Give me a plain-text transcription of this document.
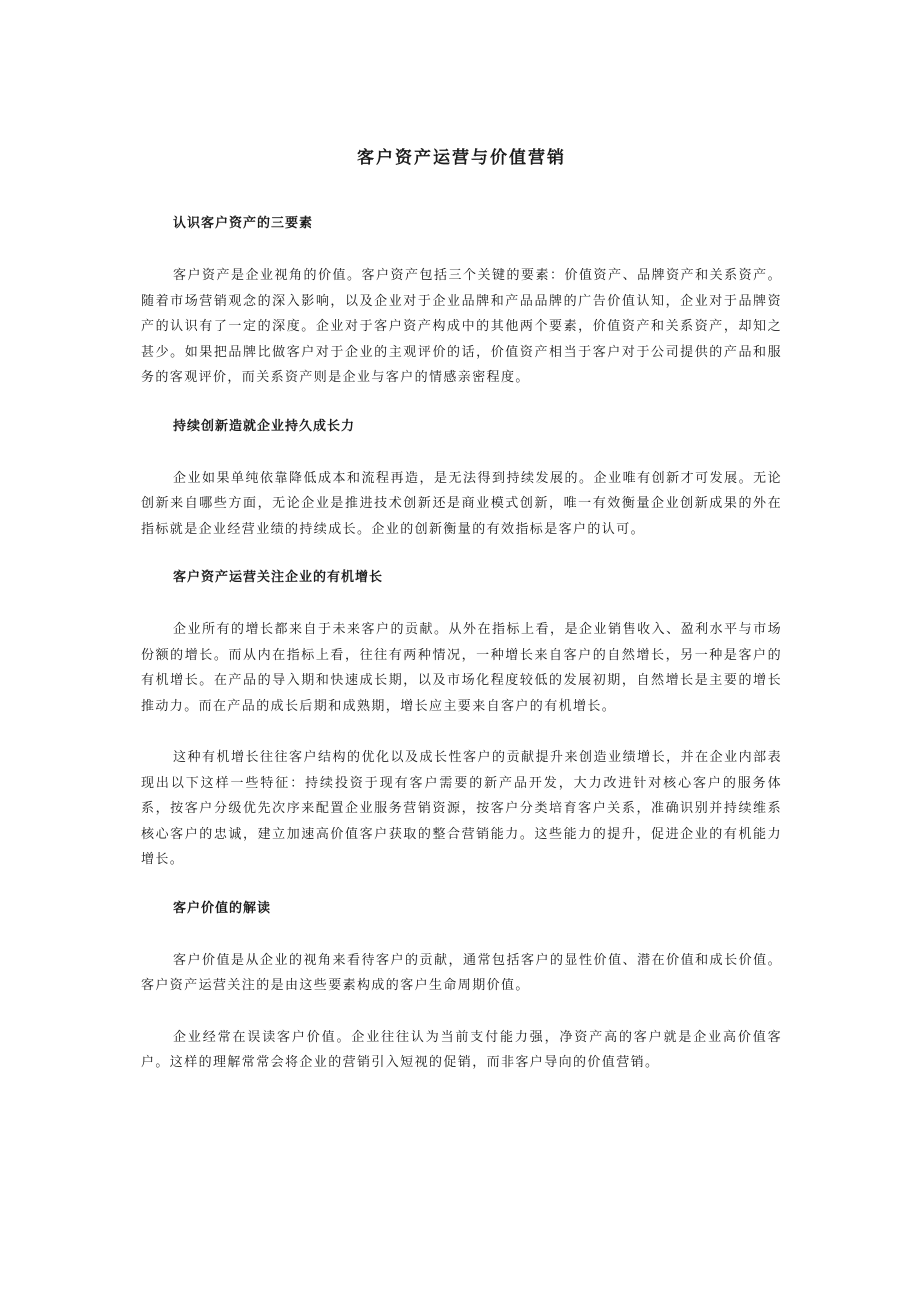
客户资产运营与价值营销

认识客户资产的三要素

客户资产是企业视角的价值。客户资产包括三个关键的要素：价值资产、品牌资产和关系资产。随着市场营销观念的深入影响，以及企业对于企业品牌和产品品牌的广告价值认知，企业对于品牌资产的认识有了一定的深度。企业对于客户资产构成中的其他两个要素，价值资产和关系资产，却知之甚少。如果把品牌比做客户对于企业的主观评价的话，价值资产相当于客户对于公司提供的产品和服务的客观评价，而关系资产则是企业与客户的情感亲密程度。

持续创新造就企业持久成长力

企业如果单纯依靠降低成本和流程再造，是无法得到持续发展的。企业唯有创新才可发展。无论创新来自哪些方面，无论企业是推进技术创新还是商业模式创新，唯一有效衡量企业创新成果的外在指标就是企业经营业绩的持续成长。企业的创新衡量的有效指标是客户的认可。

客户资产运营关注企业的有机增长

企业所有的增长都来自于未来客户的贡献。从外在指标上看，是企业销售收入、盈利水平与市场份额的增长。而从内在指标上看，往往有两种情况，一种增长来自客户的自然增长，另一种是客户的有机增长。在产品的导入期和快速成长期，以及市场化程度较低的发展初期，自然增长是主要的增长推动力。而在产品的成长后期和成熟期，增长应主要来自客户的有机增长。

这种有机增长往往客户结构的优化以及成长性客户的贡献提升来创造业绩增长，并在企业内部表现出以下这样一些特征：持续投资于现有客户需要的新产品开发，大力改进针对核心客户的服务体系，按客户分级优先次序来配置企业服务营销资源，按客户分类培育客户关系，准确识别并持续维系核心客户的忠诚，建立加速高价值客户获取的整合营销能力。这些能力的提升，促进企业的有机能力增长。

客户价值的解读

客户价值是从企业的视角来看待客户的贡献，通常包括客户的显性价值、潜在价值和成长价值。客户资产运营关注的是由这些要素构成的客户生命周期价值。

企业经常在误读客户价值。企业往往认为当前支付能力强，净资产高的客户就是企业高价值客户。这样的理解常常会将企业的营销引入短视的促销，而非客户导向的价值营销。
